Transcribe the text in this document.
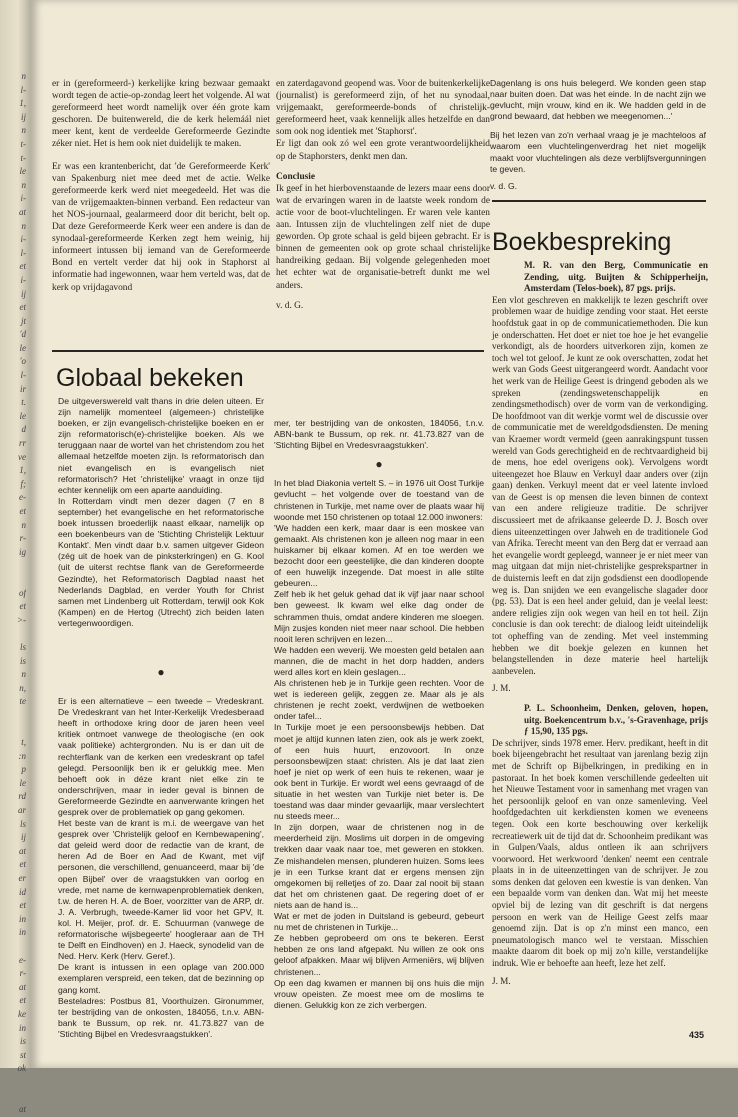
n
l-
1,
ij
n
t-
t-
le
n
i-
at
n
i-
l-
et
i-
ij
et
jt
'd
le
'o
l-
ir
t.
le
d
rr
ve
1,
f;
e-
et
n
r-
ig

of
et
>-

ls
is
n
n,
te

t,
:n
p
le
rd
ar
ls
ij
at
et
er
id
et
in
in

e-
r-
at
et
ke
in
is
st
ok

at

er in (gereformeerd-) kerkelijke kring bezwaar gemaakt wordt tegen de actie-op-zondag leert het volgende. Al wat gereformeerd heet wordt namelijk over één grote kam geschoren. De buitenwereld, die de kerk helemáál niet meer kent, kent de verdeelde Gereformeerde Gezindte zéker niet. Het is hem ook niet duidelijk te maken.

Er was een krantenbericht, dat 'de Gereformeerde Kerk' van Spakenburg niet mee deed met de actie. Welke gereformeerde kerk werd niet meegedeeld. Het was die van de vrijgemaakten-binnen verband. Een redacteur van het NOS-journaal, gealarmeerd door dit bericht, belt op. Dat deze Gereformeerde Kerk weer een andere is dan de synodaal-gereformeerde Kerken zegt hem weinig, hij informeert intussen bij iemand van de Gereformeerde Bond en vertelt verder dat hij ook in Staphorst al informatie had ingewonnen, waar hem verteld was, dat de kerk op vrijdagavond

en zaterdagavond geopend was. Voor de buitenkerkelijke (journalist) is gereformeerd zijn, of het nu synodaal, vrijgemaakt, gereformeerde-bonds of christelijk-gereformeerd heet, vaak kennelijk alles hetzelfde en dan som ook nog identiek met 'Staphorst'.

Er ligt dan ook zó wel een grote verantwoordelijkheid op de Staphorsters, denkt men dan.

Conclusie

Ik geef in het hierbovenstaande de lezers maar eens door wat de ervaringen waren in de laatste week rondom de actie voor de boot-vluchtelingen. Er waren vele kanten aan. Intussen zijn de vluchtelingen zelf niet de dupe geworden. Op grote schaal is geld bijeen gebracht. Er is binnen de gemeenten ook op grote schaal christelijke handreiking gedaan. Bij volgende gelegenheden moet het echter wat de organisatie-betreft dunkt me wel anders.

v. d. G.

Dagenlang is ons huis belegerd. We konden geen stap naar buiten doen. Dat was het einde. In de nacht zijn we gevlucht, mijn vrouw, kind en ik. We hadden geld in de grond bewaard, dat hebben we meegenomen...'

Bij het lezen van zo'n verhaal vraag je je machteloos af waarom een vluchtelingenverdrag het niet mogelijk maakt voor vluchtelingen als deze verblijfsvergunningen te geven.

v. d. G.

Globaal bekeken

De uitgeverswereld valt thans in drie delen uiteen. Er zijn namelijk momenteel (algemeen-) christelijke boeken, er zijn evangelisch-christelijke boeken en er zijn reformatorisch(e)-christelijke boeken. Als we teruggaan naar de wortel van het christendom zou het allemaal hetzelfde moeten zijn. Is reformatorisch dan niet evangelisch en is evangelisch niet reformatorisch? Het 'christelijke' vraagt in onze tijd echter kennelijk om een aparte aanduiding.

In Rotterdam vindt men dezer dagen (7 en 8 september) het evangelische en het reformatorische boek intussen broederlijk naast elkaar, namelijk op een boekenbeurs van de 'Stichting Christelijk Lektuur Kontakt'. Men vindt daar b.v. samen uitgever Gideon (zég uit de hoek van de pinksterkringen) en G. Kool (uit de uiterst rechtse flank van de Gereformeerde Gezindte), het Reformatorisch Dagblad naast het Nederlands Dagblad, en verder Youth for Christ samen met Lindenberg uit Rotterdam, terwijl ook Kok (Kampen) en de Hertog (Utrecht) zich beiden laten vertegenwoordigen.

●

Er is een alternatieve – een tweede – Vredeskrant. De Vredeskrant van het Inter-Kerkelijk Vredesberaad heeft in orthodoxe kring door de jaren heen veel kritiek ontmoet vanwege de theologische (en ook vaak politieke) achtergronden. Nu is er dan uit de rechterflank van de kerken een vredeskrant op tafel gelegd. Persoonlijk ben ik er gelukkig mee. Men behoeft ook in déze krant niet elke zin te onderschrijven, maar in ieder geval is binnen de Gereformeerde Gezindte en aanverwante kringen het gesprek over de problematiek op gang gekomen.

Het beste van de krant is m.i. de weergave van het gesprek over 'Christelijk geloof en Kernbewapening', dat geleid werd door de redactie van de krant, de heren Ad de Boer en Aad de Kwant, met vijf personen, die verschillend, genuanceerd, maar bij 'de open Bijbel' over de vraagstukken van oorlog en vrede, met name de kernwapenproblematiek denken, t.w. de heren H. A. de Boer, voorzitter van de ARP, dr. J. A. Verbrugh, tweede-Kamer lid voor het GPV, lt. kol. H. Meijer, prof. dr. E. Schuurman (vanwege de reformatorische wijsbegeerte' hoogleraar aan de TH te Delft en Eindhoven) en J. Haeck, synodelid van de Ned. Herv. Kerk (Herv. Geref.).

De krant is intussen in een oplage van 200.000 exemplaren verspreid, een teken, dat de bezinning op gang komt.

Besteladres: Postbus 81, Voorthuizen. Gironummer, ter bestrijding van de onkosten, 184056, t.n.v. ABN-bank te Bussum, op rek. nr. 41.73.827 van de 'Stichting Bijbel en Vredesvraagstukken'.

mer, ter bestrijding van de onkosten, 184056, t.n.v. ABN-bank te Bussum, op rek. nr. 41.73.827 van de 'Stichting Bijbel en Vredesvraagstukken'.

●

In het blad Diakonia vertelt S. – in 1976 uit Oost Turkije gevlucht – het volgende over de toestand van de christenen in Turkije, met name over de plaats waar hij woonde met 150 christenen op totaal 12.000 inwoners:

'We hadden een kerk, maar daar is een moskee van gemaakt. Als christenen kon je alleen nog maar in een huiskamer bij elkaar komen. Af en toe werden we bezocht door een geestelijke, die dan kinderen doopte of een huwelijk inzegende. Dat moest in alle stilte gebeuren...

Zelf heb ik het geluk gehad dat ik vijf jaar naar school ben geweest. Ik kwam wel elke dag onder de schrammen thuis, omdat andere kinderen me sloegen. Mijn zusjes konden niet meer naar school. Die hebben nooit leren schrijven en lezen...

We hadden een weverij. We moesten geld betalen aan mannen, die de macht in het dorp hadden, anders werd alles kort en klein geslagen...

Als christenen heb je in Turkije geen rechten. Voor de wet is iedereen gelijk, zeggen ze. Maar als je als christenen je recht zoekt, verdwijnen de wetboeken onder tafel...

In Turkije moet je een persoonsbewijs hebben. Dat moet je altijd kunnen laten zien, ook als je werk zoekt, of een huis huurt, enzovoort. In onze persoonsbewijzen staat: christen. Als je dat laat zien hoef je niet op werk of een huis te rekenen, waar je ook bent in Turkije. Er wordt wel eens gevraagd of de situatie in het westen van Turkije niet beter is. De toestand was daar minder gevaarlijk, maar verslechtert nu steeds meer...

In zijn dorpen, waar de christenen nog in de meerderheid zijn. Moslims uit dorpen in de omgeving trekken daar vaak naar toe, met geweren en stokken. Ze mishandelen mensen, plunderen huizen. Soms lees je in een Turkse krant dat er ergens mensen zijn omgekomen bij relletjes of zo. Daar zal nooit bij staan dat het om christenen gaat. De regering doet of er niets aan de hand is...

Wat er met de joden in Duitsland is gebeurd, gebeurt nu met de christenen in Turkije...

Ze hebben geprobeerd om ons te bekeren. Eerst hebben ze ons land afgepakt. Nu willen ze ook ons geloof afpakken. Maar wij blijven Armeniërs, wij blijven christenen...

Op een dag kwamen er mannen bij ons huis die mijn vrouw opeisten. Ze moest mee om de moslims te dienen. Gelukkig kon ze zich verbergen.

Boekbespreking

M. R. van den Berg, Communicatie en Zending, uitg. Buijten & Schipperheijn, Amsterdam (Telos-boek), 87 pgs. prijs.

Een vlot geschreven en makkelijk te lezen geschrift over problemen waar de huidige zending voor staat. Het eerste hoofdstuk gaat in op de communicatiemethoden. Die kun je onderschatten. Het doet er niet toe hoe je het evangelie verkondigt, als de hoorders uitverkoren zijn, komen ze toch wel tot geloof. Je kunt ze ook overschatten, zodat het werk van Gods Geest uitgerangeerd wordt. Aandacht voor het werk van de Heilige Geest is dringend geboden als we spreken (zendingswetenschappelijk en zendingsmethodisch) over de vorm van de verkondiging. De hoofdmoot van dit werkje vormt wel de discussie over de communicatie met de wereldgodsdiensten. De mening van Kraemer wordt vermeld (geen aanrakingspunt tussen wereld van Gods gerechtigheid en de rechtvaardigheid bij de mens, hoe edel overigens ook). Vervolgens wordt uiteengezet hoe Blauw en Verkuyl daar anders over (zijn gaan) denken. Verkuyl meent dat er veel latente invloed van de Geest is op mensen die leven binnen de context van een andere religieuze traditie. De schrijver discussieert met de afrikaanse geleerde D. J. Bosch over diens uiteenzettingen over Jahweh en de traditionele God van Afrika. Terecht meent van den Berg dat er verraad aan het evangelie wordt gepleegd, wanneer je er niet meer van mag uitgaan dat mijn niet-christelijke gesprekspartner in de duisternis leeft en dat zijn godsdienst een doodlopende weg is. Dan snijden we een evangelische slagader door (pg. 53). Dat is een heel ander geluid, dan je veelal leest: andere religies zijn ook wegen van heil en tot heil. Zijn conclusie is dan ook terecht: de dialoog leidt uiteindelijk tot opheffing van de zending. Met veel instemming hebben we dit boekje gelezen en kunnen het belangstellenden in deze materie heel hartelijk aanbevelen.

J. M.

P. L. Schoonheim, Denken, geloven, hopen, uitg. Boekencentrum b.v., 's-Gravenhage, prijs ƒ 15,90, 135 pgs.

De schrijver, sinds 1978 emer. Herv. predikant, heeft in dit boek bijeengebracht het resultaat van jarenlang bezig zijn met de Schrift op Bijbelkringen, in prediking en in pastoraat. In het boek komen verschillende gedeelten uit het Nieuwe Testament voor in samenhang met vragen van het persoonlijk geloof en van onze samenleving. Veel hoofdgedachten uit kerkdiensten komen we eveneens tegen. Ook een korte beschouwing over kerkelijk recreatiewerk uit de tijd dat dr. Schoonheim predikant was in Gulpen/Vaals, aldus ontleen ik aan schrijvers voorwoord. Het werkwoord 'denken' neemt een centrale plaats in in de uiteenzettingen van de schrijver. Je zou soms denken dat geloven een kwestie is van denken. Van een bepaalde vorm van denken dan. Wat mij het meeste opviel bij de lezing van dit geschrift is dat nergens persoon en werk van de Heilige Geest zelfs maar genoemd zijn. Dat is op z'n minst een manco, een pneumatologisch manco wel te verstaan. Misschien maakte daarom dit boek op mij zo'n kille, verstandelijke indruk. Wie er behoefte aan heeft, leze het zelf.

J. M.

435
